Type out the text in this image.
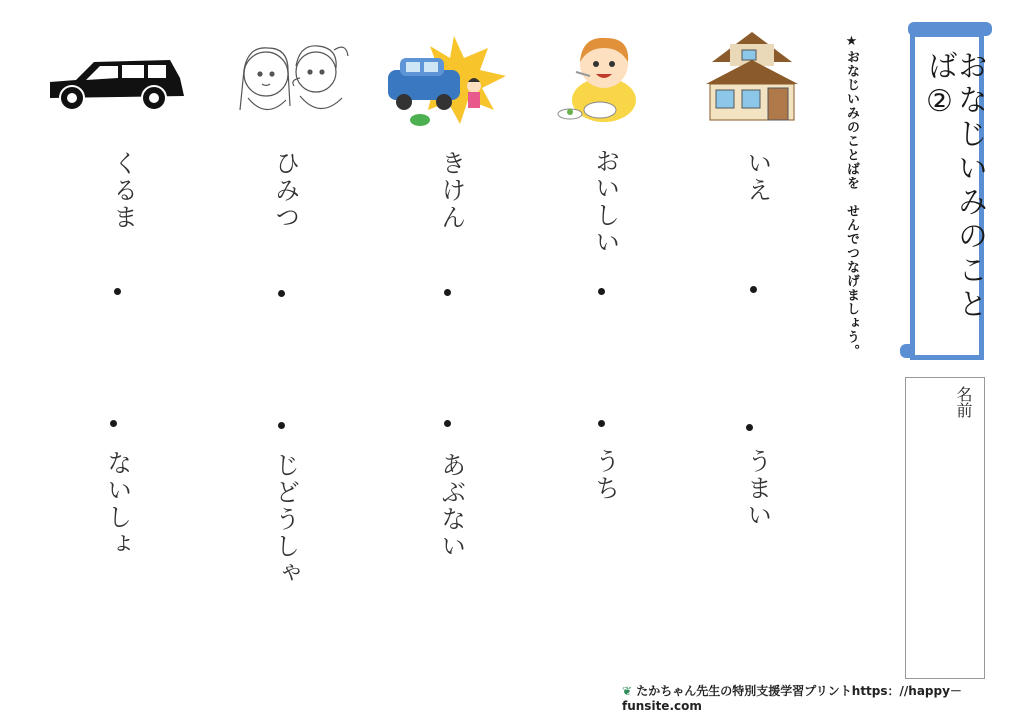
おなじいみのことば②
★おなじいみのことばを　せんでつなげましょう。
名前
いえ
うまい
おいしい
うち
きけん
あぶない
ひみつ
じどうしゃ
くるま
ないしょ
❦ たかちゃん先生の特別支援学習プリントhttps：//happy－funsite.com
